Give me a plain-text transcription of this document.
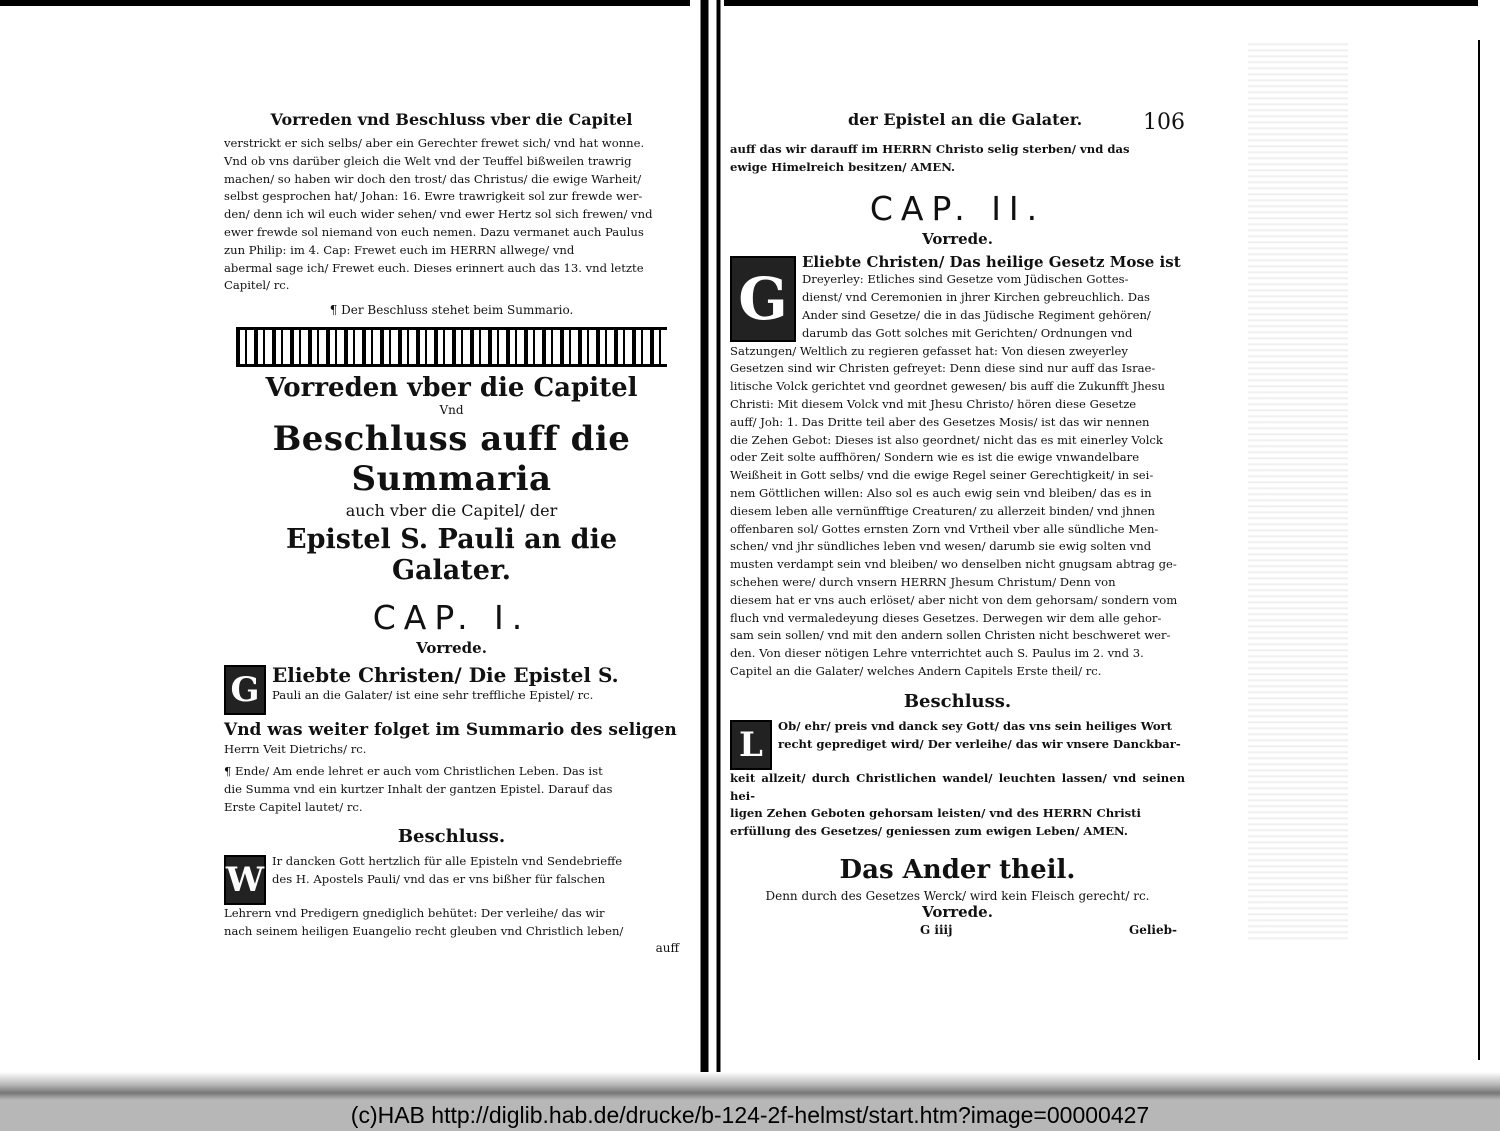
Vorreden vnd Beschluss vber die Capitel

verstrickt er sich selbs/ aber ein Gerechter frewet sich/ vnd hat wonne.

Vnd ob vns darüber gleich die Welt vnd der Teuffel bißweilen trawrig

machen/ so haben wir doch den trost/ das Christus/ die ewige Warheit/

selbst gesprochen hat/ Johan: 16. Ewre trawrigkeit sol zur frewde wer-

den/ denn ich wil euch wider sehen/ vnd ewer Hertz sol sich frewen/ vnd

ewer frewde sol niemand von euch nemen. Dazu vermanet auch Paulus

zun Philip: im 4. Cap: Frewet euch im HERRN allwege/ vnd

abermal sage ich/ Frewet euch. Dieses erinnert auch das 13. vnd letzte

Capitel/ rc.

¶ Der Beschluss stehet beim Summario.
Vorreden vber die Capitel
Vnd
Beschluss auff die Summaria
auch vber die Capitel/ der
Epistel S. Pauli an die Galater.
CAP. I.
Vorrede.
G Eliebte Christen/ Die Epistel S.

Pauli an die Galater/ ist eine sehr treffliche Epistel/ rc.

Vnd was weiter folget im Summario des seligen

Herrn Veit Dietrichs/ rc.

¶ Ende/ Am ende lehret er auch vom Christlichen Leben. Das ist

die Summa vnd ein kurtzer Inhalt der gantzen Epistel. Darauf das

Erste Capitel lautet/ rc.

Beschluss.
W Ir dancken Gott hertzlich für alle Episteln vnd Sendebrieffe

des H. Apostels Pauli/ vnd das er vns bißher für falschen

Lehrern vnd Predigern gnediglich behütet: Der verleihe/ das wir

nach seinem heiligen Euangelio recht gleuben vnd Christlich leben/

auff
der Epistel an die Galater.	106

auff das wir darauff im HERRN Christo selig sterben/ vnd das

ewige Himelreich besitzen/ AMEN.

CAP. II.
Vorrede.
G

Eliebte Christen/ Das heilige Gesetz Mose ist

Dreyerley: Etliches sind Gesetze vom Jüdischen Gottes-

dienst/ vnd Ceremonien in jhrer Kirchen gebreuchlich. Das

Ander sind Gesetze/ die in das Jüdische Regiment gehören/

darumb das Gott solches mit Gerichten/ Ordnungen vnd

Satzungen/ Weltlich zu regieren gefasset hat: Von diesen zweyerley

Gesetzen sind wir Christen gefreyet: Denn diese sind nur auff das Israe-

litische Volck gerichtet vnd geordnet gewesen/ bis auff die Zukunfft Jhesu

Christi: Mit diesem Volck vnd mit Jhesu Christo/ hören diese Gesetze

auff/ Joh: 1. Das Dritte teil aber des Gesetzes Mosis/ ist das wir nennen

die Zehen Gebot: Dieses ist also geordnet/ nicht das es mit einerley Volck

oder Zeit solte auffhören/ Sondern wie es ist die ewige vnwandelbare

Weißheit in Gott selbs/ vnd die ewige Regel seiner Gerechtigkeit/ in sei-

nem Göttlichen willen: Also sol es auch ewig sein vnd bleiben/ das es in

diesem leben alle vernünfftige Creaturen/ zu allerzeit binden/ vnd jhnen

offenbaren sol/ Gottes ernsten Zorn vnd Vrtheil vber alle sündliche Men-

schen/ vnd jhr sündliches leben vnd wesen/ darumb sie ewig solten vnd

musten verdampt sein vnd bleiben/ wo denselben nicht gnugsam abtrag ge-

schehen were/ durch vnsern HERRN Jhesum Christum/ Denn von

diesem hat er vns auch erlöset/ aber nicht von dem gehorsam/ sondern vom

fluch vnd vermaledeyung dieses Gesetzes. Derwegen wir dem alle gehor-

sam sein sollen/ vnd mit den andern sollen Christen nicht beschweret wer-

den. Von dieser nötigen Lehre vnterrichtet auch S. Paulus im 2. vnd 3.

Capitel an die Galater/ welches Andern Capitels Erste theil/ rc.

Beschluss.
L	Ob/ ehr/ preis vnd danck sey Gott/ das vns sein heiliges Wort

recht geprediget wird/ Der verleihe/ das wir vnsere Danckbar-

keit allzeit/ durch Christlichen wandel/ leuchten lassen/ vnd seinen hei-

ligen Zehen Geboten gehorsam leisten/ vnd des HERRN Christi

erfüllung des Gesetzes/ geniessen zum ewigen Leben/ AMEN.

Das Ander theil.
Denn durch des Gesetzes Werck/ wird kein Fleisch gerecht/ rc.
Vorrede.
G iiij	Gelieb-
(c)HAB http://diglib.hab.de/drucke/b-124-2f-helmst/start.htm?image=00000427
